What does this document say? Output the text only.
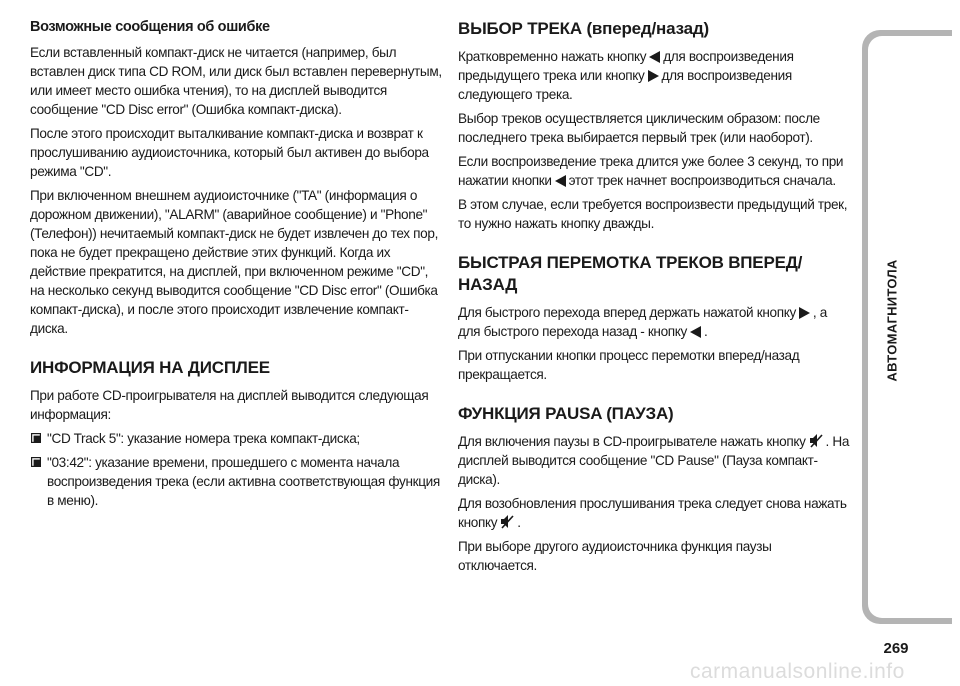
Возможные сообщения об ошибке

Если вставленный компакт-диск не читается (например, был вставлен диск типа CD ROM, или диск был вставлен перевернутым, или имеет место ошибка чтения), то на дисплей выводится сообщение "CD Disc error" (Ошибка компакт-диска).

После этого происходит выталкивание компакт-диска и возврат к прослушиванию аудиоисточника, который был активен до выбора режима "CD".

При включенном внешнем аудиоисточнике ("TA" (информация о дорожном движении), "ALARM" (аварийное сообщение) и "Phone" (Телефон)) нечитаемый компакт-диск не будет извлечен до тех пор, пока не будет прекращено действие этих функций. Когда их действие прекратится, на дисплей, при включенном режиме "CD", на несколько секунд выводится сообщение "CD Disc error" (Ошибка компакт-диска), и после этого происходит извлечение компакт-диска.

ИНФОРМАЦИЯ НА ДИСПЛЕЕ

При работе CD-проигрывателя на дисплей выводится следующая информация:

"CD Track 5": указание номера трека компакт-диска;
"03:42": указание времени, прошедшего с момента начала воспроизведения трека (если активна соответствующая функция в меню).
ВЫБОР ТРЕКА (вперед/назад)

Кратковременно нажать кнопку для воспроизведения предыдущего трека или кнопку для воспроизведения следующего трека.

Выбор треков осуществляется циклическим образом: после последнего трека выбирается первый трек (или наоборот).

Если воспроизведение трека длится уже более 3 секунд, то при нажатии кнопки этот трек начнет воспроизводиться сначала.

В этом случае, если требуется воспроизвести предыдущий трек, то нужно нажать кнопку дважды.

БЫСТРАЯ ПЕРЕМОТКА ТРЕКОВ ВПЕРЕД/НАЗАД

Для быстрого перехода вперед держать нажатой кнопку , а для быстрого перехода назад - кнопку .

При отпускании кнопки процесс перемотки вперед/назад прекращается.

ФУНКЦИЯ PAUSA (ПАУЗА)

Для включения паузы в CD-проигрывателе нажать кнопку . На дисплей выводится сообщение "CD Pause" (Пауза компакт-диска).

Для возобновления прослушивания трека следует снова нажать кнопку .

При выборе другого аудиоисточника функция паузы отключается.

АВТОМАГНИТОЛА
269
carmanualsonline.info
